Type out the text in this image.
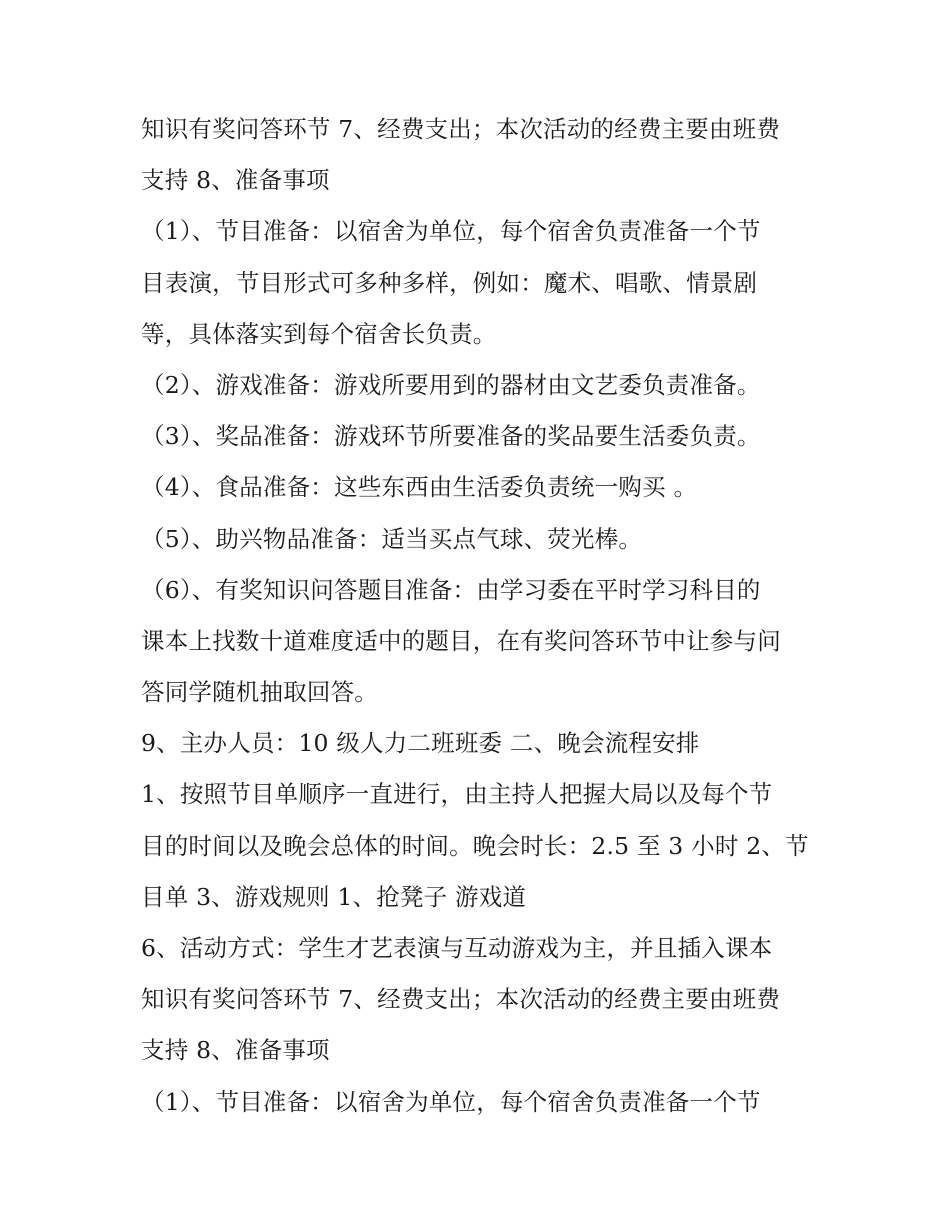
知识有奖问答环节 7、经费支出；本次活动的经费主要由班费
支持 8、准备事项
（1）、节目准备：以宿舍为单位，每个宿舍负责准备一个节
目表演，节目形式可多种多样，例如：魔术、唱歌、情景剧
等，具体落实到每个宿舍长负责。
（2）、游戏准备：游戏所要用到的器材由文艺委负责准备。
（3）、奖品准备：游戏环节所要准备的奖品要生活委负责。
（4）、食品准备：这些东西由生活委负责统一购买 。
（5）、助兴物品准备：适当买点气球、荧光棒。
（6）、有奖知识问答题目准备：由学习委在平时学习科目的
课本上找数十道难度适中的题目，在有奖问答环节中让参与问
答同学随机抽取回答。
9、主办人员：10 级人力二班班委 二、晚会流程安排
1、按照节目单顺序一直进行，由主持人把握大局以及每个节
目的时间以及晚会总体的时间。晚会时长：2.5 至 3 小时 2、节
目单 3、游戏规则 1、抢凳子 游戏道
6、活动方式：学生才艺表演与互动游戏为主，并且插入课本
知识有奖问答环节 7、经费支出；本次活动的经费主要由班费
支持 8、准备事项
（1）、节目准备：以宿舍为单位，每个宿舍负责准备一个节
